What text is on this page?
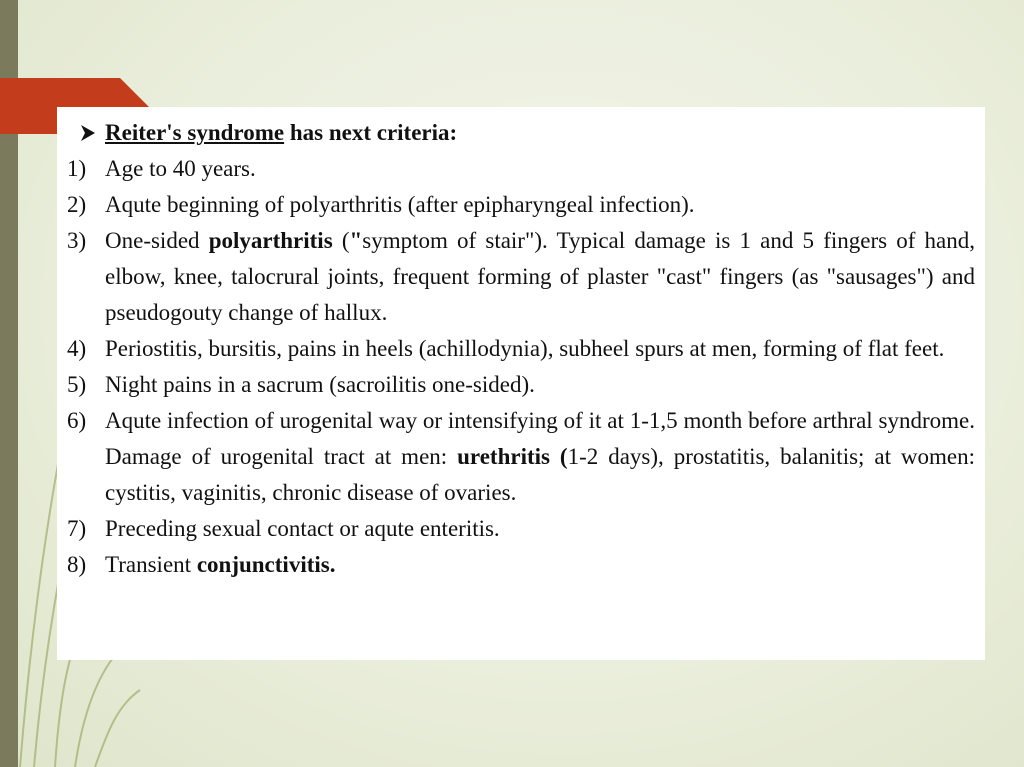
Reiter's syndrome has next criteria:
1) Age to 40 years.
2) Aqute beginning of polyarthritis (after epipharyngeal infection).
3) One-sided polyarthritis ("symptom of stair"). Typical damage is 1 and 5 fingers of hand, elbow, knee, talocrural joints, frequent forming of plaster "cast" fingers (as "sausages") and pseudogouty change of hallux.
4) Periostitis, bursitis, pains in heels (achillodynia), subheel spurs at men, forming of flat feet.
5) Night pains in a sacrum (sacroilitis one-sided).
6) Aqute infection of urogenital way or intensifying of it at 1-1,5 month before arthral syndrome. Damage of urogenital tract at men: urethritis (1-2 days), prostatitis, balanitis; at women: cystitis, vaginitis, chronic disease of ovaries.
7) Preceding sexual contact or aqute enteritis.
8) Transient conjunctivitis.
